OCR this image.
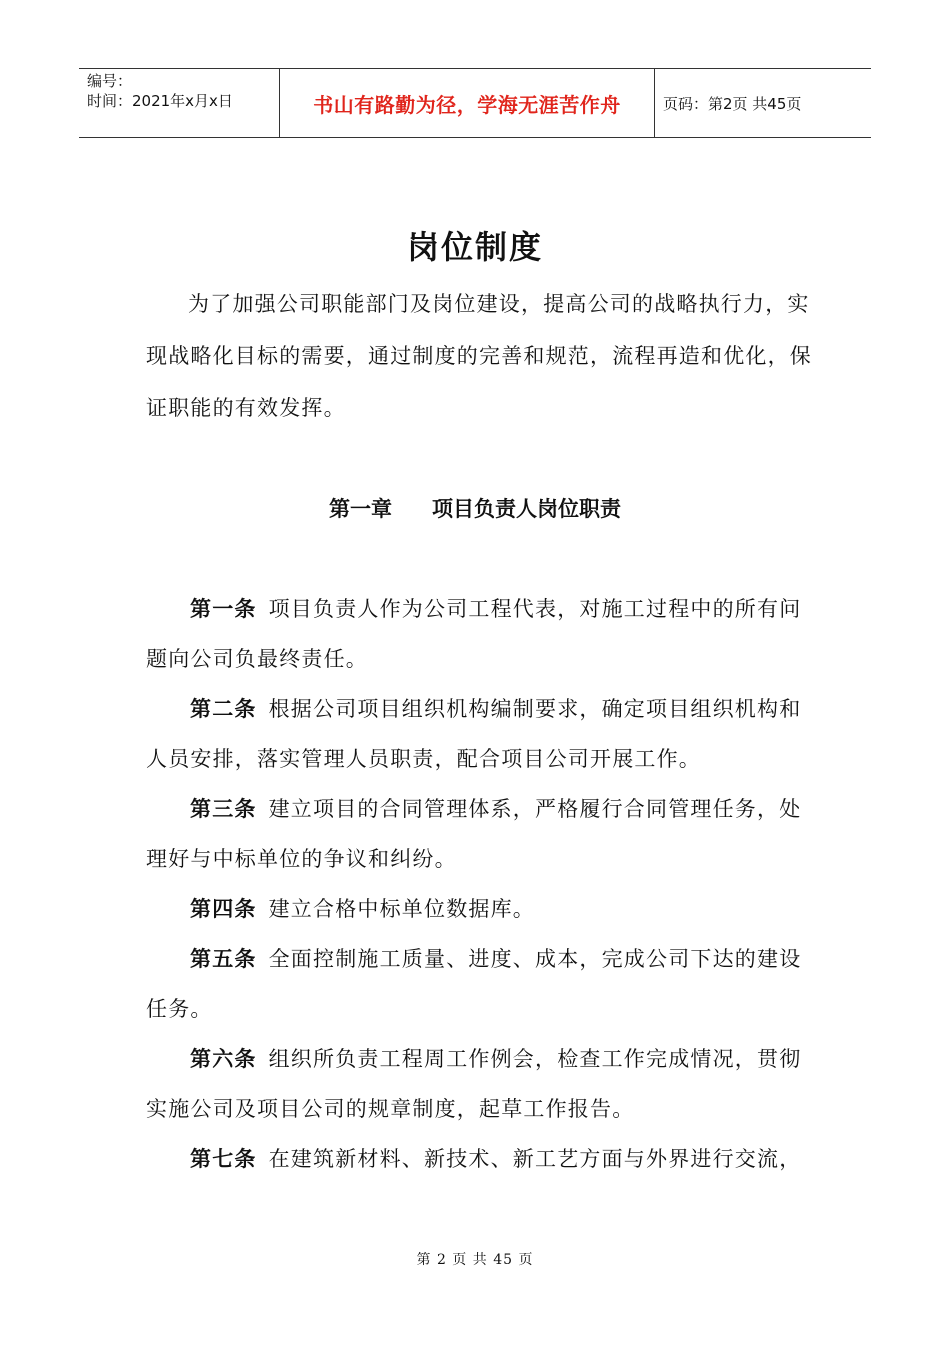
编号：
时间：2021年x月x日	书山有路勤为径，学海无涯苦作舟	页码：第2页 共45页
岗位制度
为了加强公司职能部门及岗位建设，提高公司的战略执行力，实现战略化目标的需要，通过制度的完善和规范，流程再造和优化，保证职能的有效发挥。
第一章 项目负责人岗位职责
第一条 项目负责人作为公司工程代表，对施工过程中的所有问题向公司负最终责任。
第二条 根据公司项目组织机构编制要求，确定项目组织机构和人员安排，落实管理人员职责，配合项目公司开展工作。
第三条 建立项目的合同管理体系，严格履行合同管理任务，处理好与中标单位的争议和纠纷。
第四条 建立合格中标单位数据库。
第五条 全面控制施工质量、进度、成本，完成公司下达的建设任务。
第六条 组织所负责工程周工作例会，检查工作完成情况，贯彻实施公司及项目公司的规章制度，起草工作报告。
第七条 在建筑新材料、新技术、新工艺方面与外界进行交流，
第 2 页 共 45 页
